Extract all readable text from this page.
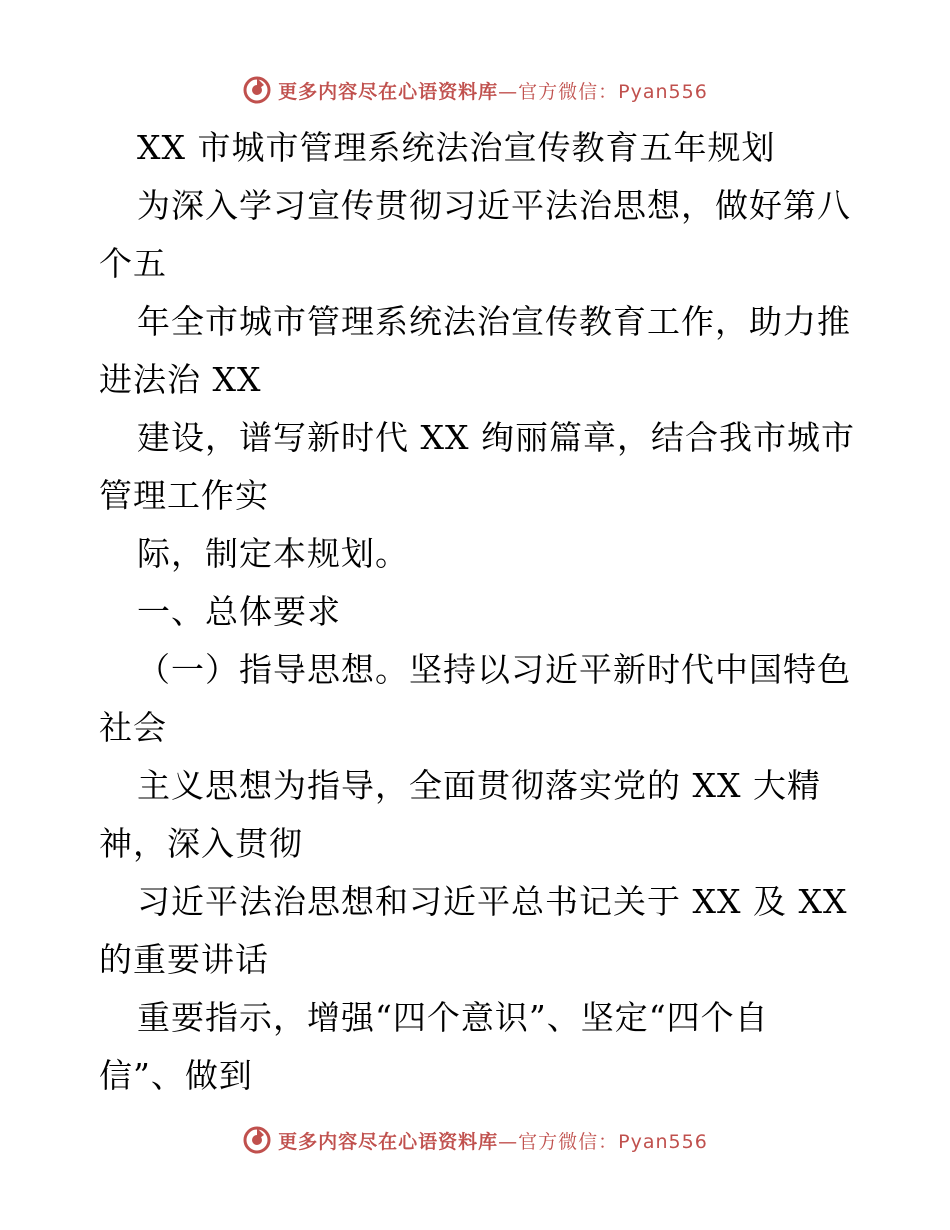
更多内容尽在心语资料库—官方微信：Pyan556
XX 市城市管理系统法治宣传教育五年规划
为深入学习宣传贯彻习近平法治思想，做好第八
个五
年全市城市管理系统法治宣传教育工作，助力推
进法治 XX
建设，谱写新时代 XX 绚丽篇章，结合我市城市
管理工作实
际，制定本规划。
一、总体要求
（一）指导思想。坚持以习近平新时代中国特色
社会
主义思想为指导，全面贯彻落实党的 XX 大精
神，深入贯彻
习近平法治思想和习近平总书记关于 XX 及 XX
的重要讲话
重要指示，增强“四个意识”、坚定“四个自
信”、做到
更多内容尽在心语资料库—官方微信：Pyan556
